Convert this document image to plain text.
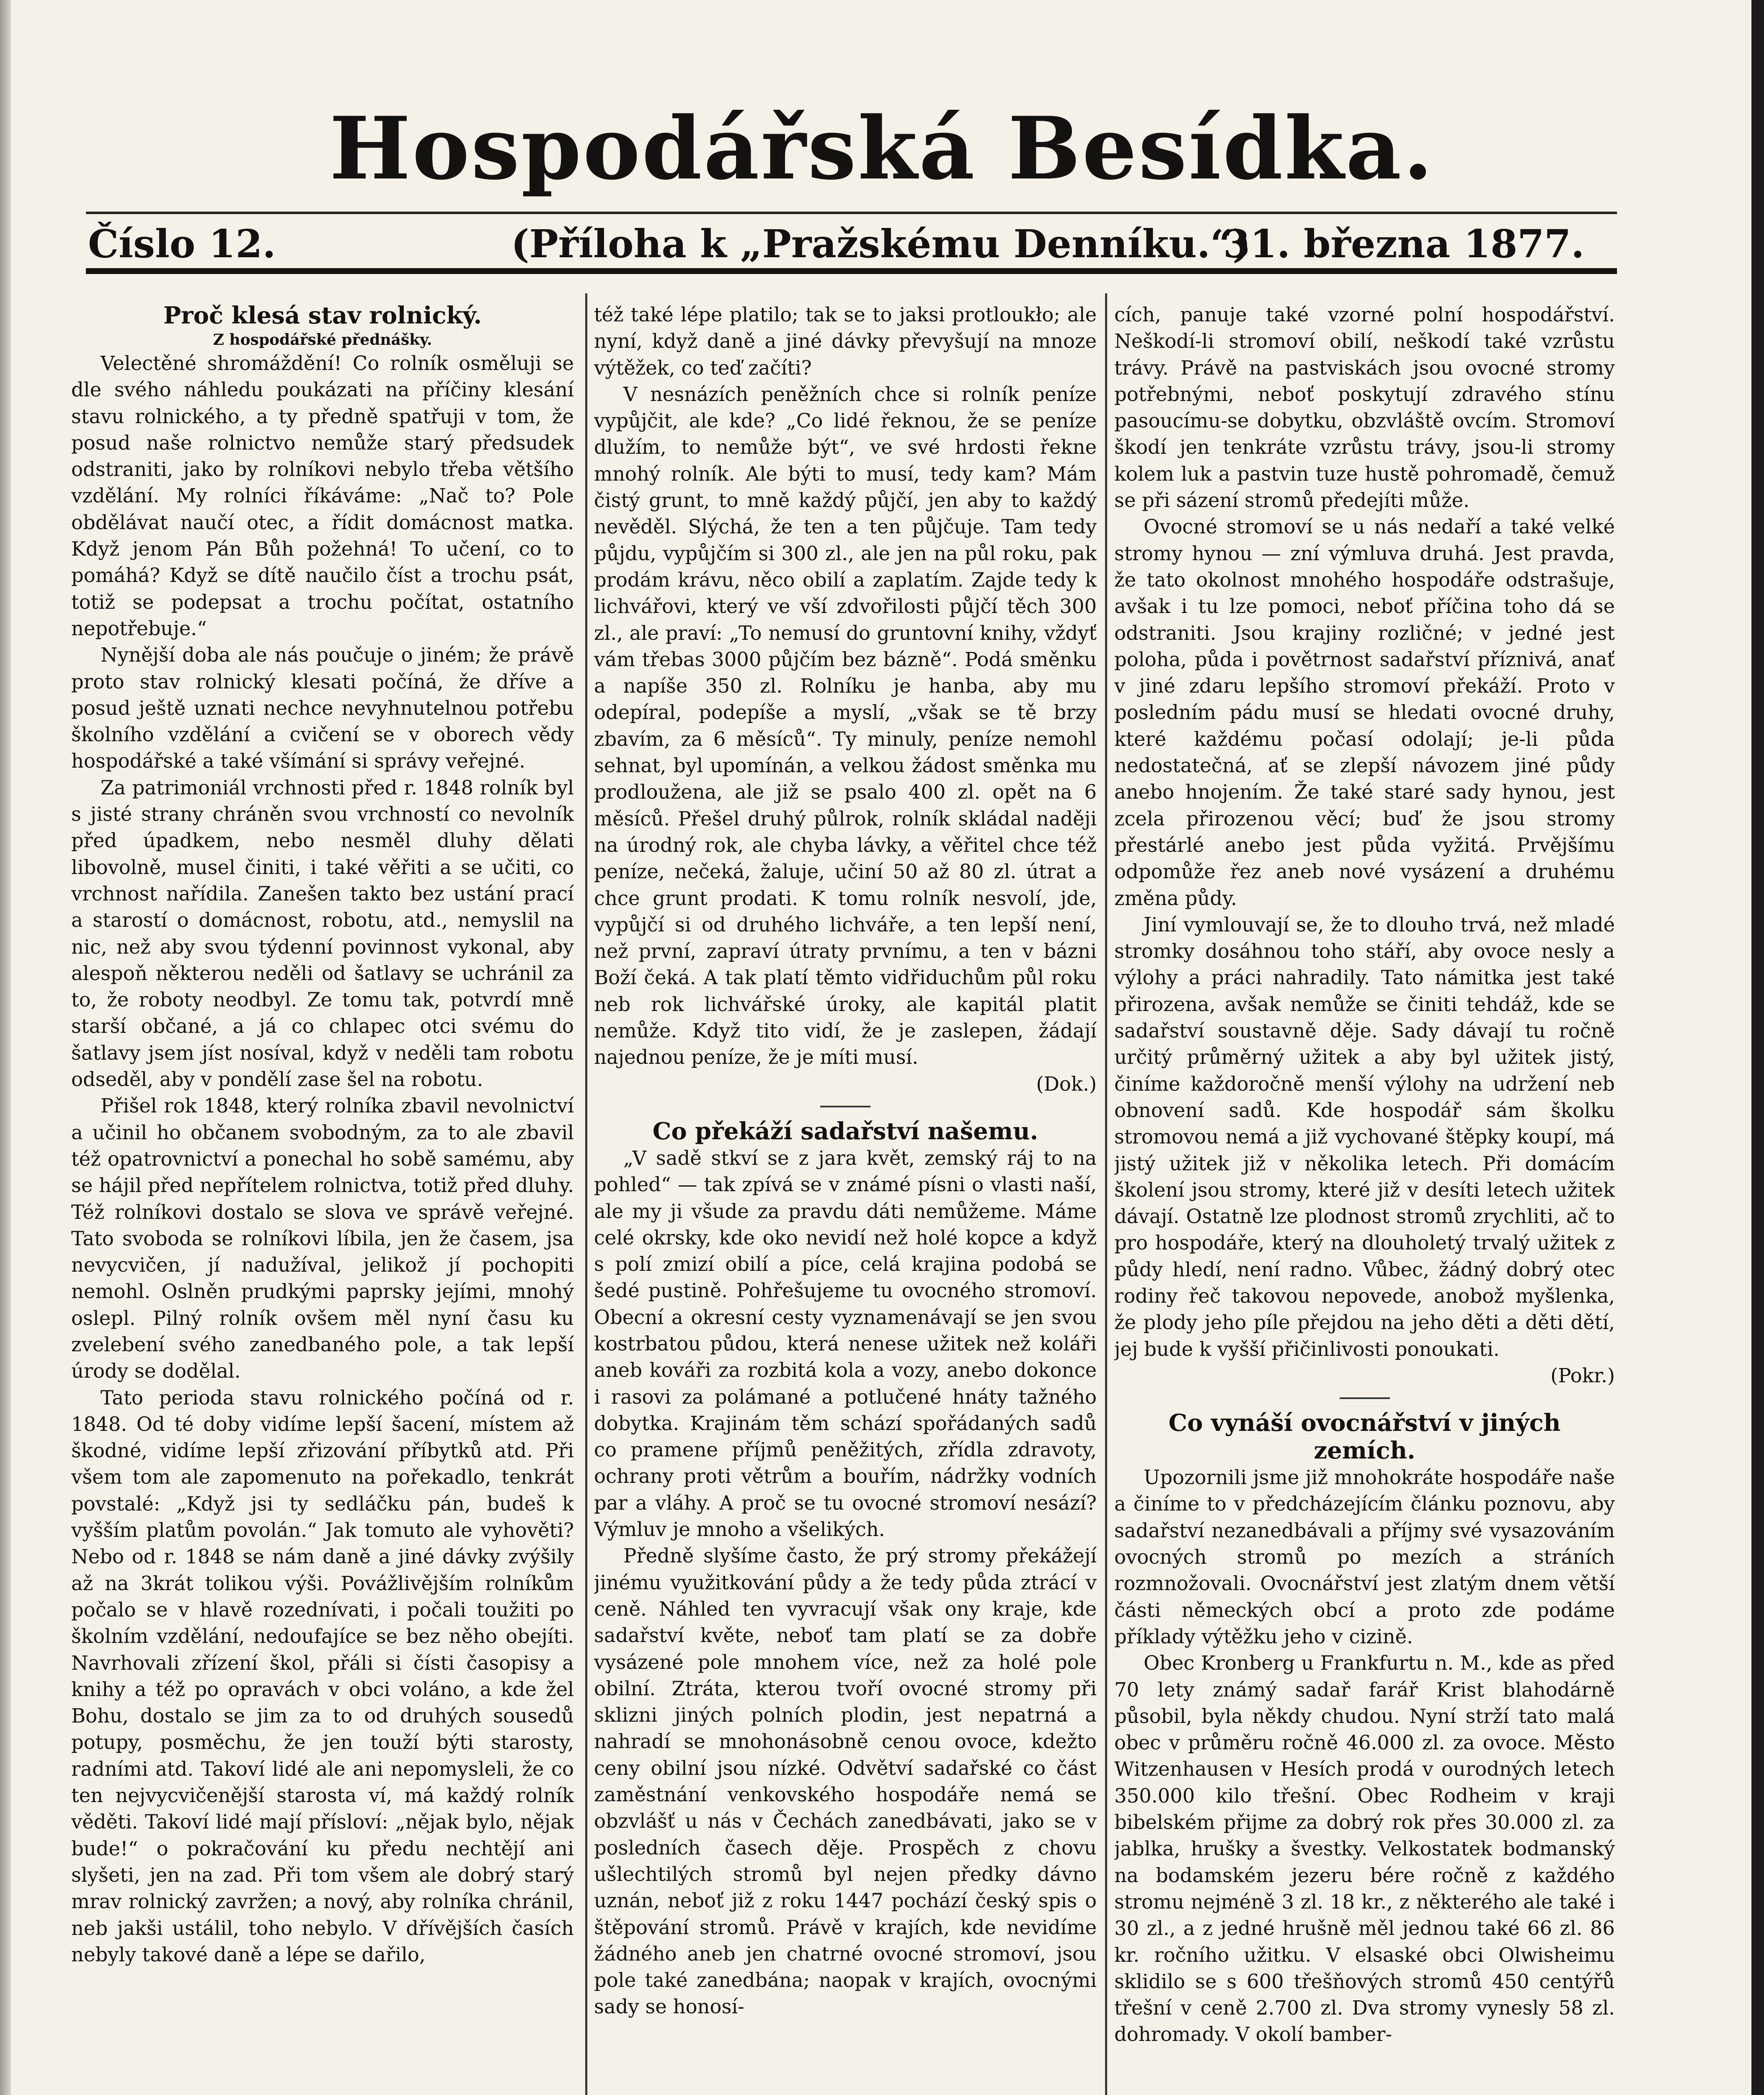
Hospodářská Besídka.
Číslo 12.	(Příloha k „Pražskému Denníku.“)
31. března 1877.
Proč klesá stav rolnický.
Z hospodářské přednášky.

Velectěné shromáždění! Co rolník osměluji se dle svého náhledu poukázati na příčiny klesání stavu rolnického, a ty předně spatřuji v tom, že posud naše rolnictvo nemůže starý předsudek odstraniti, jako by rolníkovi nebylo třeba většího vzdělání. My rolníci říkáváme: „Nač to? Pole obdělávat naučí otec, a řídit domácnost matka. Když jenom Pán Bůh požehná! To učení, co to pomáhá? Když se dítě naučilo číst a trochu psát, totiž se podepsat a trochu počítat, ostatního nepotřebuje.“

Nynější doba ale nás poučuje o jiném; že právě proto stav rolnický klesati počíná, že dříve a posud ještě uznati nechce nevyhnutelnou potřebu školního vzdělání a cvičení se v oborech vědy hospodářské a také všímání si správy veřejné.

Za patrimoniál vrchnosti před r. 1848 rolník byl s jisté strany chráněn svou vrchností co nevolník před úpadkem, nebo nesměl dluhy dělati libovolně, musel činiti, i také věřiti a se učiti, co vrchnost nařídila. Zanešen takto bez ustání prací a starostí o domácnost, robotu, atd., nemyslil na nic, než aby svou týdenní povinnost vykonal, aby alespoň některou neděli od šatlavy se uchránil za to, že roboty neodbyl. Ze tomu tak, potvrdí mně starší občané, a já co chlapec otci svému do šatlavy jsem jíst nosíval, když v neděli tam robotu odseděl, aby v pondělí zase šel na robotu.

Přišel rok 1848, který rolníka zbavil nevolnictví a učinil ho občanem svobodným, za to ale zbavil též opatrovnictví a ponechal ho sobě samému, aby se hájil před nepřítelem rolnictva, totiž před dluhy. Též rolníkovi dostalo se slova ve správě veřejné. Tato svoboda se rolníkovi líbila, jen že časem, jsa nevycvičen, jí nadužíval, jelikož jí pochopiti nemohl. Oslněn prudkými paprsky jejími, mnohý oslepl. Pilný rolník ovšem měl nyní času ku zvelebení svého zanedbaného pole, a tak lepší úrody se dodělal.

Tato perioda stavu rolnického počíná od r. 1848. Od té doby vidíme lepší šacení, místem až škodné, vidíme lepší zřizování příbytků atd. Při všem tom ale zapomenuto na pořekadlo, tenkrát povstalé: „Když jsi ty sedláčku pán, budeš k vyšším platům povolán.“ Jak tomuto ale vyhověti? Nebo od r. 1848 se nám daně a jiné dávky zvýšily až na 3krát tolikou výši. Povážlivějším rolníkům počalo se v hlavě rozednívati, i počali toužiti po školním vzdělání, nedoufajíce se bez něho obejíti. Navrhovali zřízení škol, přáli si čísti časopisy a knihy a též po opravách v obci voláno, a kde žel Bohu, dostalo se jim za to od druhých sousedů potupy, posměchu, že jen touží býti starosty, radními atd. Takoví lidé ale ani nepomysleli, že co ten nejvycvičenější starosta ví, má každý rolník věděti. Takoví lidé mají přísloví: „nějak bylo, nějak bude!“ o pokračování ku předu nechtějí ani slyšeti, jen na zad. Při tom všem ale dobrý starý mrav rolnický zavržen; a nový, aby rolníka chránil, neb jakši ustálil, toho nebylo. V dřívějších časích nebyly takové daně a lépe se dařilo,

též také lépe platilo; tak se to jaksi protloukło; ale nyní, když daně a jiné dávky převyšují na mnoze výtěžek, co teď začíti?

V nesnázích peněžních chce si rolník peníze vypůjčit, ale kde? „Co lidé řeknou, že se peníze dlužím, to nemůže být“, ve své hrdosti řekne mnohý rolník. Ale býti to musí, tedy kam? Mám čistý grunt, to mně každý půjčí, jen aby to každý nevěděl. Slýchá, že ten a ten půjčuje. Tam tedy půjdu, vypůjčím si 300 zl., ale jen na půl roku, pak prodám krávu, něco obilí a zaplatím. Zajde tedy k lichvářovi, který ve vší zdvořilosti půjčí těch 300 zl., ale praví: „To nemusí do gruntovní knihy, vždyť vám třebas 3000 půjčím bez bázně“. Podá směnku a napíše 350 zl. Rolníku je hanba, aby mu odepíral, podepíše a myslí, „však se tě brzy zbavím, za 6 měsíců“. Ty minuly, peníze nemohl sehnat, byl upomínán, a velkou žádost směnka mu prodloužena, ale již se psalo 400 zl. opět na 6 měsíců. Přešel druhý půlrok, rolník skládal naději na úrodný rok, ale chyba lávky, a věřitel chce též peníze, nečeká, žaluje, učiní 50 až 80 zl. útrat a chce grunt prodati. K tomu rolník nesvolí, jde, vypůjčí si od druhého lichváře, a ten lepší není, než první, zapraví útraty prvnímu, a ten v bázni Boží čeká. A tak platí těmto vidřiduchům půl roku neb rok lichvářské úroky, ale kapitál platit nemůže. Když tito vidí, že je zaslepen, žádají najednou peníze, že je míti musí.

(Dok.)
Co překáží sadařství našemu.

„V sadě stkví se z jara květ, zemský ráj to na pohled“ — tak zpívá se v známé písni o vlasti naší, ale my ji všude za pravdu dáti nemůžeme. Máme celé okrsky, kde oko nevidí než holé kopce a když s polí zmizí obilí a píce, celá krajina podobá se šedé pustině. Pohřešujeme tu ovocného stromoví. Obecní a okresní cesty vyznamenávají se jen svou kostrbatou půdou, která nenese užitek než koláři aneb kováři za rozbitá kola a vozy, anebo dokonce i rasovi za polámané a potlučené hnáty tažného dobytka. Krajinám těm schází spořádaných sadů co pramene příjmů peněžitých, zřídla zdravoty, ochrany proti větrům a bouřím, nádržky vodních par a vláhy. A proč se tu ovocné stromoví nesází? Výmluv je mnoho a všelikých.

Předně slyšíme často, že prý stromy překážejí jinému využitkování půdy a že tedy půda ztrácí v ceně. Náhled ten vyvracují však ony kraje, kde sadařství květe, neboť tam platí se za dobře vysázené pole mnohem více, než za holé pole obilní. Ztráta, kterou tvoří ovocné stromy při sklizni jiných polních plodin, jest nepatrná a nahradí se mnohonásobně cenou ovoce, kdežto ceny obilní jsou nízké. Odvětví sadařské co část zaměstnání venkovského hospodáře nemá se obzvlášť u nás v Čechách zanedbávati, jako se v posledních časech děje. Prospěch z chovu ušlechtilých stromů byl nejen předky dávno uznán, neboť již z roku 1447 pochází český spis o štěpování stromů. Právě v krajích, kde nevidíme žádného aneb jen chatrné ovocné stromoví, jsou pole také zanedbána; naopak v krajích, ovocnými sady se honosí-

cích, panuje také vzorné polní hospodářství. Neškodí-li stromoví obilí, neškodí také vzrůstu trávy. Právě na pastviskách jsou ovocné stromy potřebnými, neboť poskytují zdravého stínu pasoucímu-se dobytku, obzvláště ovcím. Stromoví škodí jen tenkráte vzrůstu trávy, jsou-li stromy kolem luk a pastvin tuze hustě pohromadě, čemuž se při sázení stromů předejíti může.

Ovocné stromoví se u nás nedaří a také velké stromy hynou — zní výmluva druhá. Jest pravda, že tato okolnost mnohého hospodáře odstrašuje, avšak i tu lze pomoci, neboť příčina toho dá se odstraniti. Jsou krajiny rozličné; v jedné jest poloha, půda i povětrnost sadařství příznivá, anať v jiné zdaru lepšího stromoví překáží. Proto v posledním pádu musí se hledati ovocné druhy, které každému počasí odolají; je-li půda nedostatečná, ať se zlepší návozem jiné půdy anebo hnojením. Že také staré sady hynou, jest zcela přirozenou věcí; buď že jsou stromy přestárlé anebo jest půda vyžitá. Prvějšímu odpomůže řez aneb nové vysázení a druhému změna půdy.

Jiní vymlouvají se, že to dlouho trvá, než mladé stromky dosáhnou toho stáří, aby ovoce nesly a výlohy a práci nahradily. Tato námitka jest také přirozena, avšak nemůže se činiti tehdáž, kde se sadařství soustavně děje. Sady dávají tu ročně určitý průměrný užitek a aby byl užitek jistý, činíme každoročně menší výlohy na udržení neb obnovení sadů. Kde hospodář sám školku stromovou nemá a již vychované štěpky koupí, má jistý užitek již v několika letech. Při domácím školení jsou stromy, které již v desíti letech užitek dávají. Ostatně lze plodnost stromů zrychliti, ač to pro hospodáře, který na dlouholetý trvalý užitek z půdy hledí, není radno. Vůbec, žádný dobrý otec rodiny řeč takovou nepovede, anobož myšlenka, že plody jeho píle přejdou na jeho děti a děti dětí, jej bude k vyšší přičinlivosti ponoukati.

(Pokr.)
Co vynáší ovocnářství v jiných zemích.

Upozornili jsme již mnohokráte hospodáře naše a činíme to v předcházejícím článku poznovu, aby sadařství nezanedbávali a příjmy své vysazováním ovocných stromů po mezích a stráních rozmnožovali. Ovocnářství jest zlatým dnem větší části německých obcí a proto zde podáme příklady výtěžku jeho v cizině.

Obec Kronberg u Frankfurtu n. M., kde as před 70 lety známý sadař farář Krist blahodárně působil, byla někdy chudou. Nyní strží tato malá obec v průměru ročně 46.000 zl. za ovoce. Město Witzenhausen v Hesích prodá v ourodných letech 350.000 kilo třešní. Obec Rodheim v kraji bibelském přijme za dobrý rok přes 30.000 zl. za jablka, hrušky a švestky. Velkostatek bodmanský na bodamském jezeru bére ročně z každého stromu nejméně 3 zl. 18 kr., z některého ale také i 30 zl., a z jedné hrušně měl jednou také 66 zl. 86 kr. ročního užitku. V elsaské obci Olwisheimu sklidilo se s 600 třešňových stromů 450 centýřů třešní v ceně 2.700 zl. Dva stromy vynesly 58 zl. dohromady. V okolí bamber-
